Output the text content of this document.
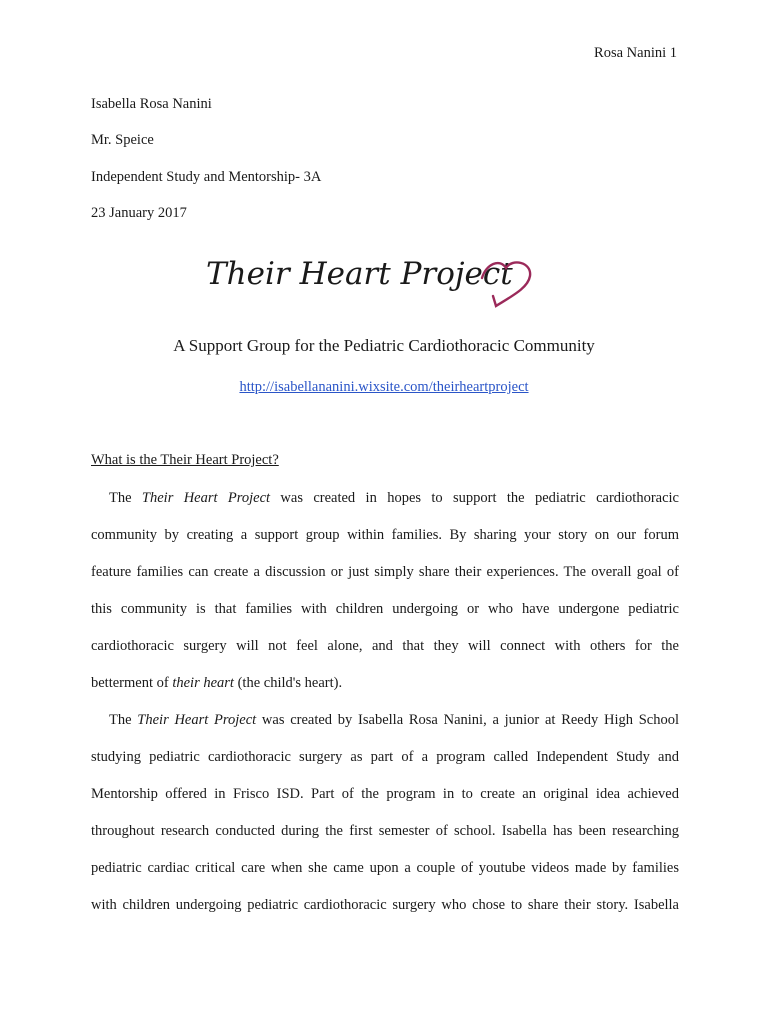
Rosa Nanini 1
Isabella Rosa Nanini
Mr. Speice
Independent Study and Mentorship- 3A
23 January 2017
Their Heart Project
A Support Group for the Pediatric Cardiothoracic Community
http://isabellananini.wixsite.com/theirheartproject
What is the Their Heart Project?
The Their Heart Project was created in hopes to support the pediatric cardiothoracic
community by creating a support group within families. By sharing your story on our forum
feature families can create a discussion or just simply share their experiences. The overall goal of
this community is that families with children undergoing or who have undergone pediatric
cardiothoracic surgery will not feel alone, and that they will connect with others for the
betterment of their heart (the child's heart).
The Their Heart Project was created by Isabella Rosa Nanini, a junior at Reedy High School
studying pediatric cardiothoracic surgery as part of a program called Independent Study and
Mentorship offered in Frisco ISD. Part of the program in to create an original idea achieved
throughout research conducted during the first semester of school. Isabella has been researching
pediatric cardiac critical care when she came upon a couple of youtube videos made by families
with children undergoing pediatric cardiothoracic surgery who chose to share their story. Isabella
